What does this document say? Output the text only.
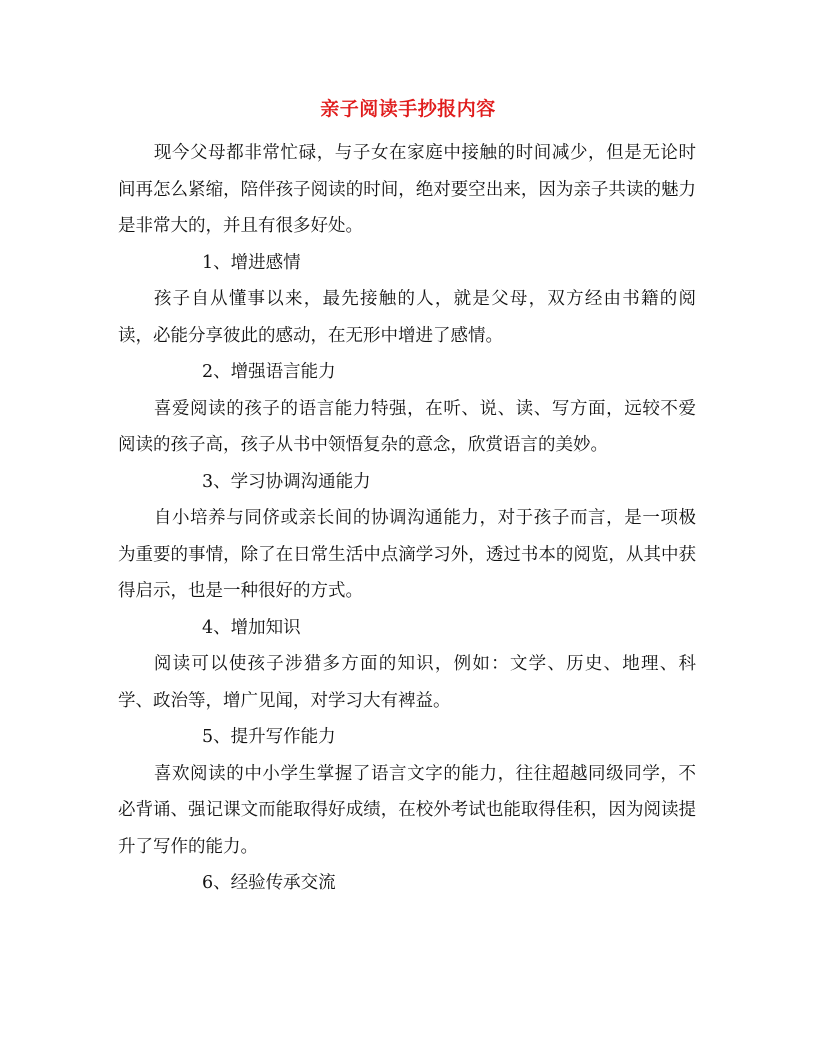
亲子阅读手抄报内容

现今父母都非常忙碌，与子女在家庭中接触的时间减少，但是无论时间再怎么紧缩，陪伴孩子阅读的时间，绝对要空出来，因为亲子共读的魅力是非常大的，并且有很多好处。

1、增进感情

孩子自从懂事以来，最先接触的人，就是父母，双方经由书籍的阅读，必能分享彼此的感动，在无形中增进了感情。

2、增强语言能力

喜爱阅读的孩子的语言能力特强，在听、说、读、写方面，远较不爱阅读的孩子高，孩子从书中领悟复杂的意念，欣赏语言的美妙。

3、学习协调沟通能力

自小培养与同侪或亲长间的协调沟通能力，对于孩子而言，是一项极为重要的事情，除了在日常生活中点滴学习外，透过书本的阅览，从其中获得启示，也是一种很好的方式。

4、增加知识

阅读可以使孩子涉猎多方面的知识，例如：文学、历史、地理、科学、政治等，增广见闻，对学习大有裨益。

5、提升写作能力

喜欢阅读的中小学生掌握了语言文字的能力，往往超越同级同学，不必背诵、强记课文而能取得好成绩，在校外考试也能取得佳积，因为阅读提升了写作的能力。

6、经验传承交流
